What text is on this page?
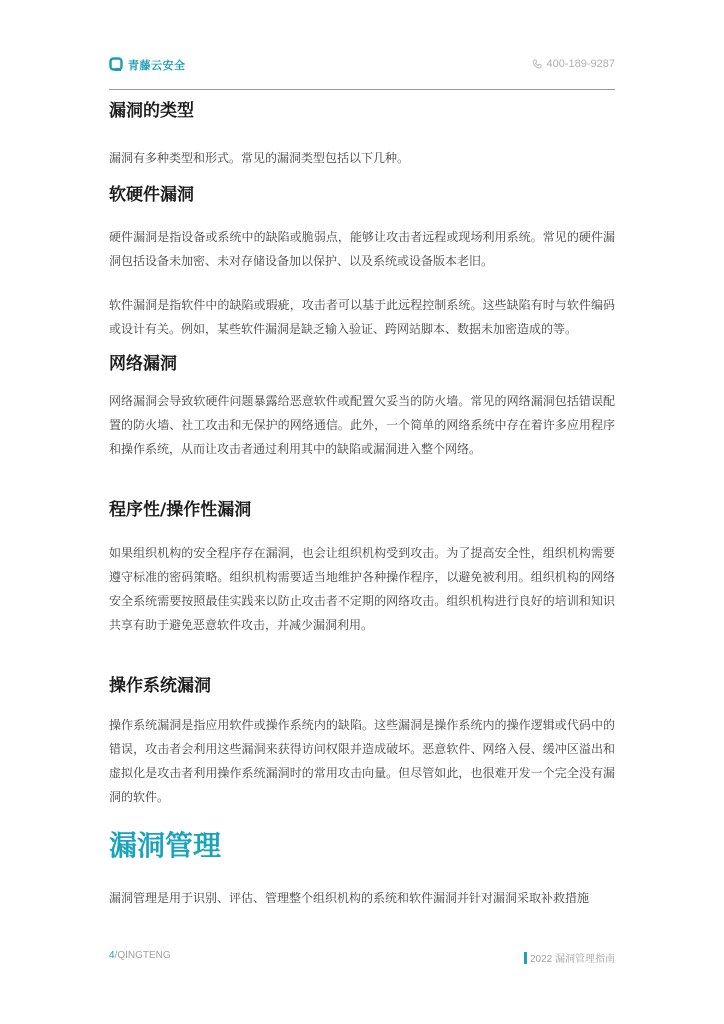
青藤云安全	400-189-9287
漏洞的类型

漏洞有多种类型和形式。常见的漏洞类型包括以下几种。

软硬件漏洞

硬件漏洞是指设备或系统中的缺陷或脆弱点，能够让攻击者远程或现场利用系统。常见的硬件漏洞包括设备未加密、未对存储设备加以保护、以及系统或设备版本老旧。

软件漏洞是指软件中的缺陷或瑕疵，攻击者可以基于此远程控制系统。这些缺陷有时与软件编码或设计有关。例如，某些软件漏洞是缺乏输入验证、跨网站脚本、数据未加密造成的等。

网络漏洞

网络漏洞会导致软硬件问题暴露给恶意软件或配置欠妥当的防火墙。常见的网络漏洞包括错误配置的防火墙、社工攻击和无保护的网络通信。此外，一个简单的网络系统中存在着许多应用程序和操作系统，从而让攻击者通过利用其中的缺陷或漏洞进入整个网络。

程序性/操作性漏洞

如果组织机构的安全程序存在漏洞，也会让组织机构受到攻击。为了提高安全性，组织机构需要遵守标准的密码策略。组织机构需要适当地维护各种操作程序，以避免被利用。组织机构的网络安全系统需要按照最佳实践来以防止攻击者不定期的网络攻击。组织机构进行良好的培训和知识共享有助于避免恶意软件攻击，并减少漏洞利用。

操作系统漏洞

操作系统漏洞是指应用软件或操作系统内的缺陷。这些漏洞是操作系统内的操作逻辑或代码中的错误，攻击者会利用这些漏洞来获得访问权限并造成破坏。恶意软件、网络入侵、缓冲区溢出和虚拟化是攻击者利用操作系统漏洞时的常用攻击向量。但尽管如此，也很难开发一个完全没有漏洞的软件。

漏洞管理

漏洞管理是用于识别、评估、管理整个组织机构的系统和软件漏洞并针对漏洞采取补救措施

4/QINGTENG	2022 漏洞管理指南
